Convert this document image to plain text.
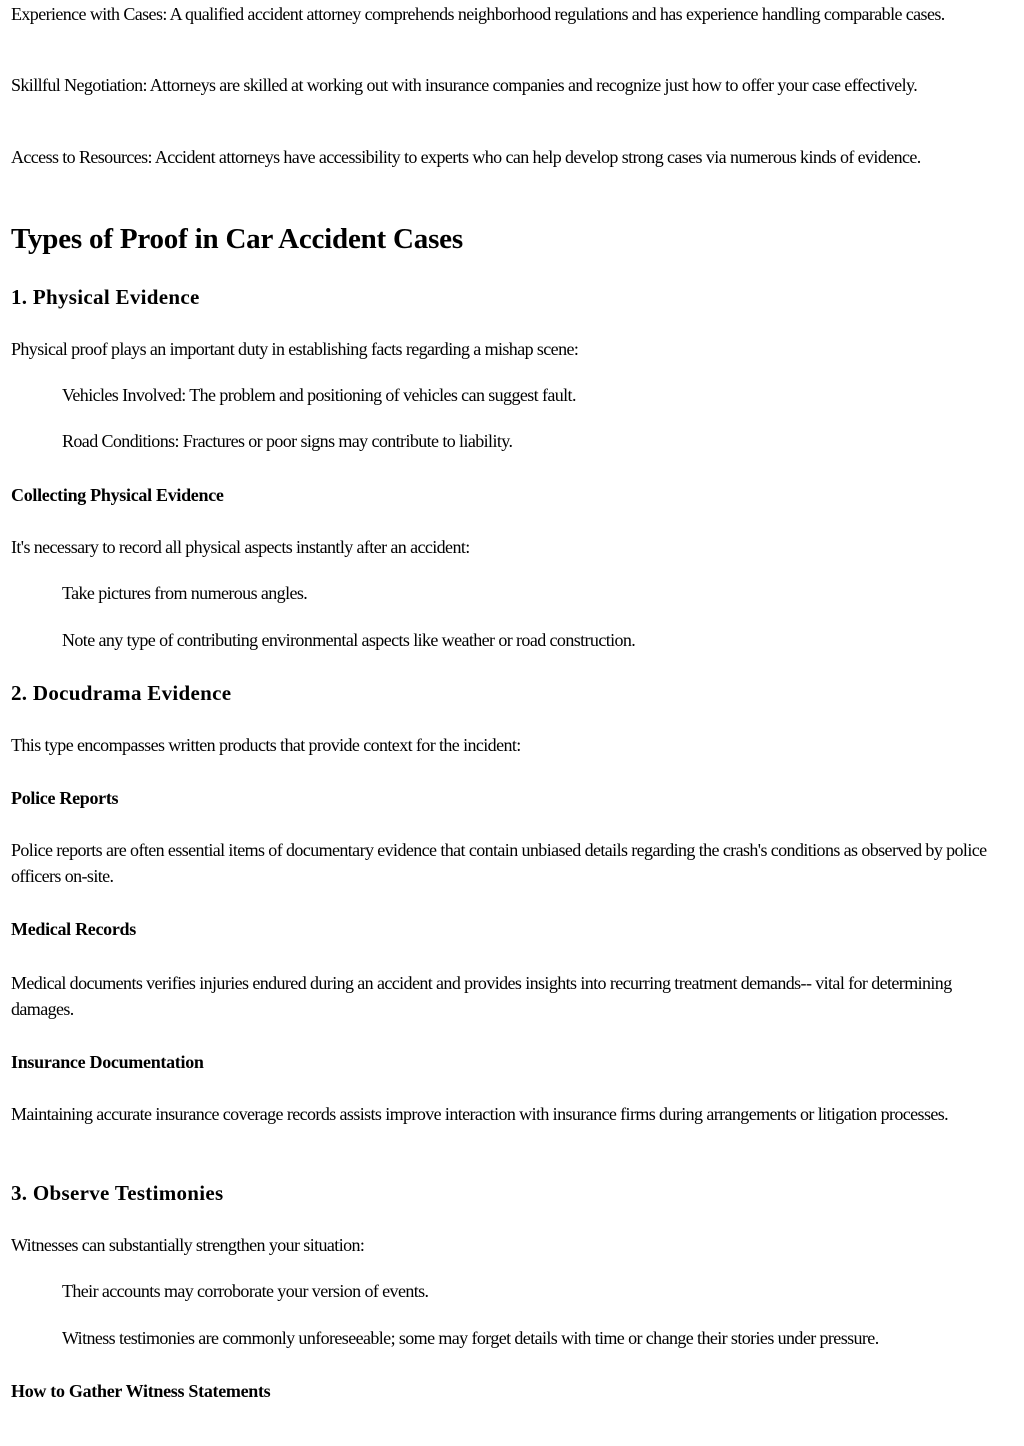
Experience with Cases: A qualified accident attorney comprehends neighborhood regulations and has experience handling comparable cases.

Skillful Negotiation: Attorneys are skilled at working out with insurance companies and recognize just how to offer your case effectively.

Access to Resources: Accident attorneys have accessibility to experts who can help develop strong cases via numerous kinds of evidence.

Types of Proof in Car Accident Cases
1. Physical Evidence

Physical proof plays an important duty in establishing facts regarding a mishap scene:

Vehicles Involved: The problem and positioning of vehicles can suggest fault.

Road Conditions: Fractures or poor signs may contribute to liability.

Collecting Physical Evidence

It's necessary to record all physical aspects instantly after an accident:

Take pictures from numerous angles.

Note any type of contributing environmental aspects like weather or road construction.

2. Docudrama Evidence

This type encompasses written products that provide context for the incident:

Police Reports

Police reports are often essential items of documentary evidence that contain unbiased details regarding the crash's conditions as observed by police officers on-site.

Medical Records

Medical documents verifies injuries endured during an accident and provides insights into recurring treatment demands-- vital for determining damages.

Insurance Documentation

Maintaining accurate insurance coverage records assists improve interaction with insurance firms during arrangements or litigation processes.

3. Observe Testimonies

Witnesses can substantially strengthen your situation:

Their accounts may corroborate your version of events.

Witness testimonies are commonly unforeseeable; some may forget details with time or change their stories under pressure.

How to Gather Witness Statements
